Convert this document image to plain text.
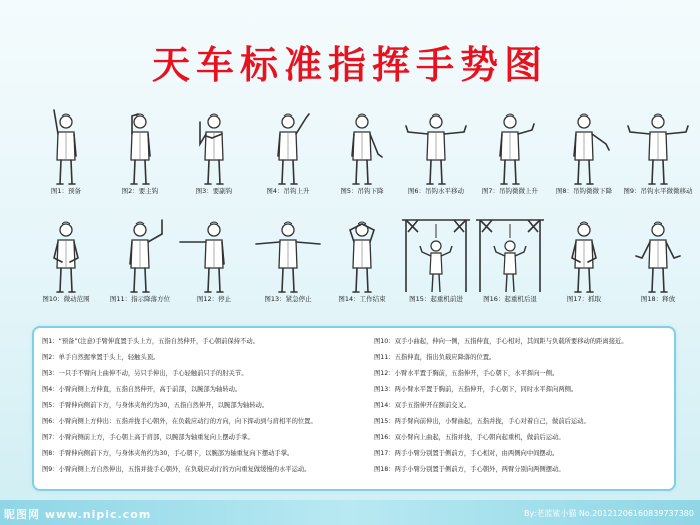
天车标准指挥手势图
图1：预备	图2：要主钩	图3：要副钩	图4：吊钩上升	图5：吊钩下降	图6：吊钩水平移动	图7：吊钩微微上升	图8：吊钩微微下降	图9：吊钩水平微微移动
图10：微动范围	图11：指示降落方位	图12：停止	图13：紧急停止	图14：工作结束	图15：起重机前进	图16：起重机后退	图17：抓取	图18：释放
图1：“预备”(注意)手臂伸直置于头上方，五指自然伸开，手心朝前保持不动。
图2：单手自然握拳置于头上，轻触头顶。
图3：一只手不臂向上曲伸不动，另只手伸出，手心轻触前只手的肘关节。
图4：小臂向侧上方伸直，五指自然伸开，高于前部，以腕部为轴转动。
图5：手臂伸向侧前下方，与身体夹角约为30，五指自然伸开，以腕部为轴转动。
图6：小臂向侧上方伸出：五指并拢手心朝外，在负载应动行的方向，向下挥动到与肩相平的位置。
图7：小臂向侧前上方，手心朝上高于肩部，以腕部为轴重复向上摆动手掌。
图8：手臂伸向侧前下方，与身体夹角约为30，手心朝下，以腕部为轴重复向下摆动手掌。
图9：小臂向侧上方自然伸出，五指并拢手心朝外，在负载应动行的方向重复做缓慢的水平运动。
图10：双手小曲起，伸向一侧，五指伸直，手心相对，其间距与负载所要移动的距离接近。
图11：五指伸直，指出负载应降落的位置。
图12：小臂水平置于胸前，五指伸开，手心朝下，水平挥向一侧。
图13：两小臂水平置于胸前，五指伸开，手心朝下，同时水平挥向两侧。
图14：双手五指伸开在额前交叉。
图15：两手臂向前伸出，小臂曲起，五指并拢，手心对着自己，做前后运动。
图16：双小臂向上曲起，五指并拢，手心朝向起重机，做前后运动。
图17：两手小臂分别置于侧前方，手心相对，由两侧向中间摆动。
图18：两手小臂分别置于侧前方，手心朝外，两臂分别向两侧摆动。
昵图网 www.nipic.com	By:老蓝鲨小猫 No.20121206160839737380
